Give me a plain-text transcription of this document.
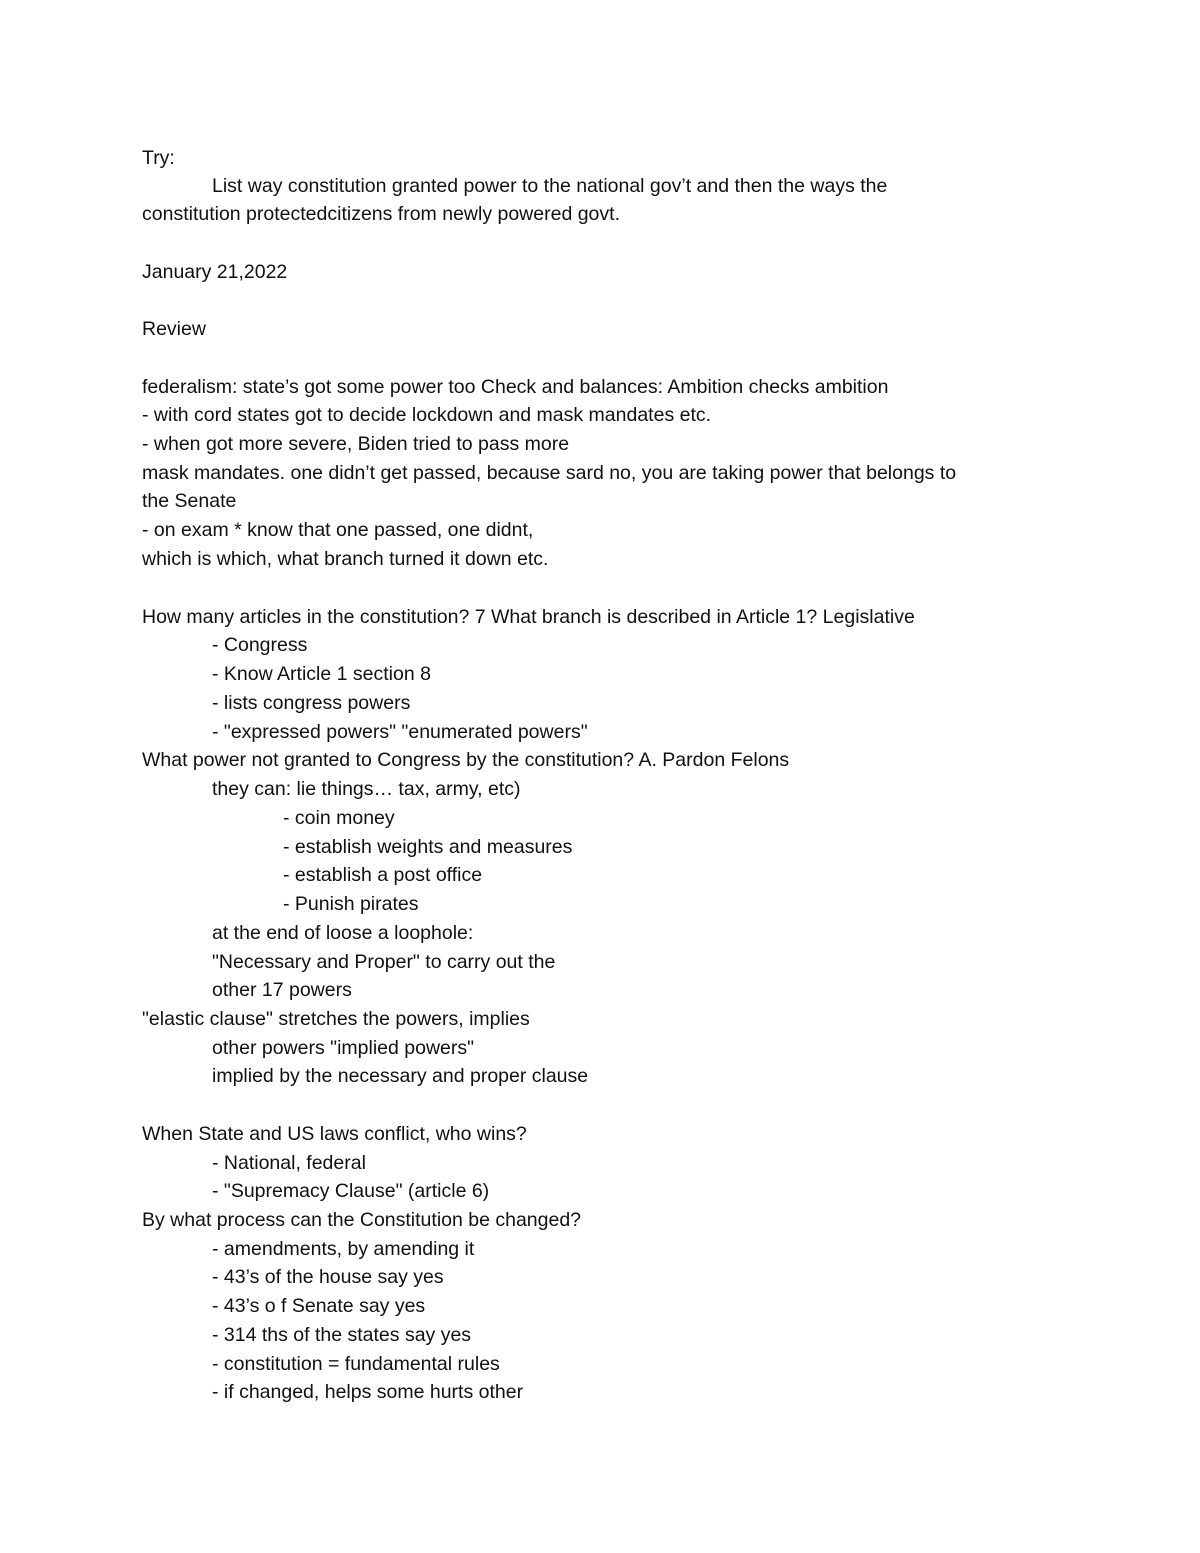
Try:
List way constitution granted power to the national gov’t and then the ways the
constitution protectedcitizens from newly powered govt.
January 21,2022
Review
federalism: state’s got some power too Check and balances: Ambition checks ambition
- with cord states got to decide lockdown and mask mandates etc.
- when got more severe, Biden tried to pass more
mask mandates. one didn’t get passed, because sard no, you are taking power that belongs to
the Senate
- on exam * know that one passed, one didnt,
which is which, what branch turned it down etc.
How many articles in the constitution? 7 What branch is described in Article 1? Legislative
- Congress
- Know Article 1 section 8
- lists congress powers
- "expressed powers" "enumerated powers"
What power not granted to Congress by the constitution? A. Pardon Felons
they can: lie things… tax, army, etc)
- coin money
- establish weights and measures
- establish a post office
- Punish pirates
at the end of loose a loophole:
"Necessary and Proper" to carry out the
other 17 powers
"elastic clause" stretches the powers, implies
other powers "implied powers"
implied by the necessary and proper clause
When State and US laws conflict, who wins?
- National, federal
- "Supremacy Clause" (article 6)
By what process can the Constitution be changed?
- amendments, by amending it
- 43’s of the house say yes
- 43’s o f Senate say yes
- 314 ths of the states say yes
- constitution = fundamental rules
- if changed, helps some hurts other
